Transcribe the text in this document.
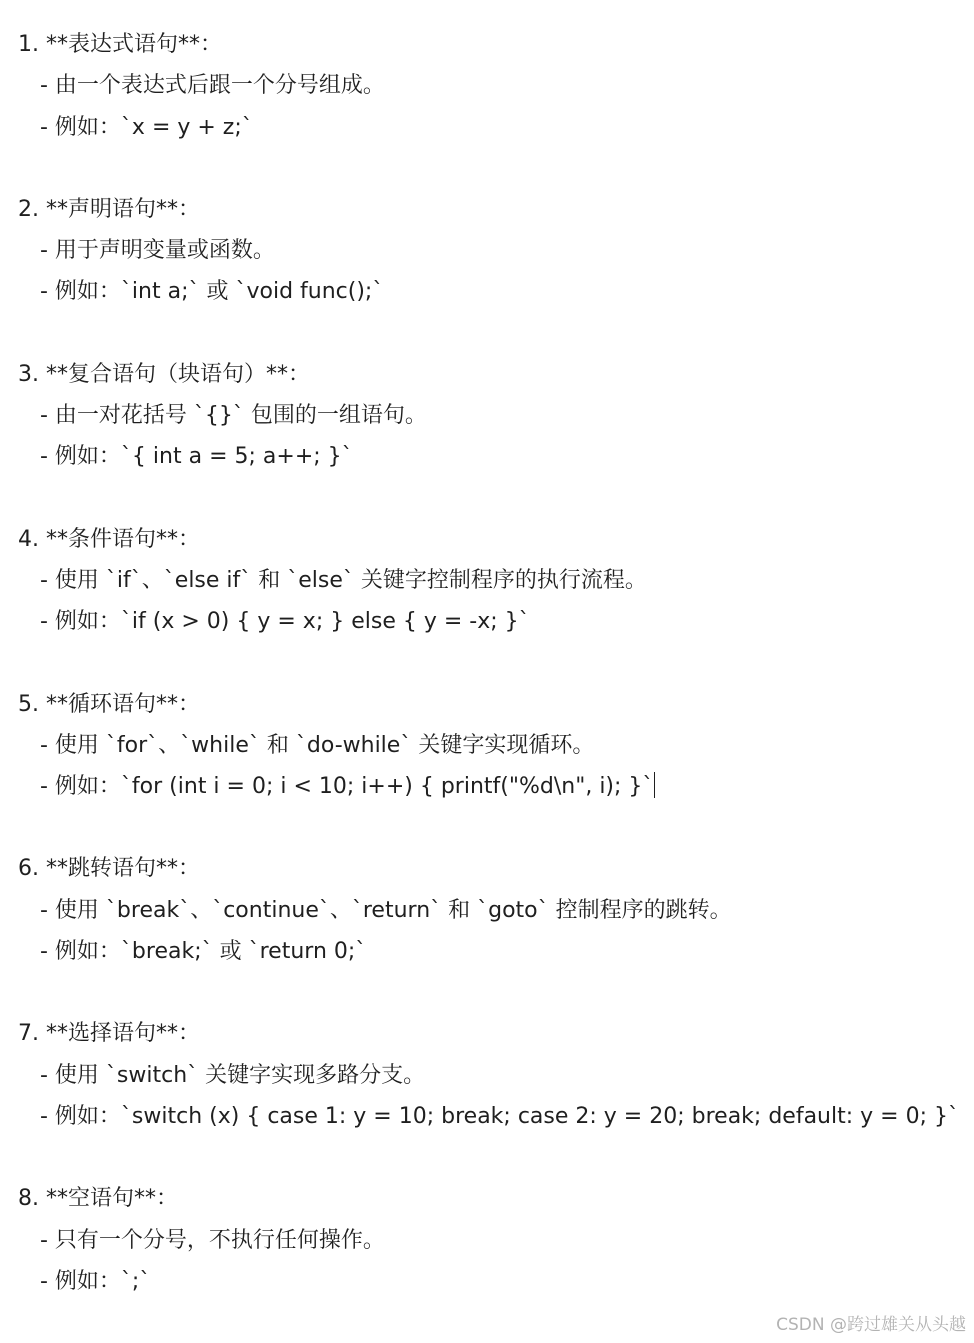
1. **表达式语句**：
- 由一个表达式后跟一个分号组成。
- 例如：`x = y + z;`
2. **声明语句**：
- 用于声明变量或函数。
- 例如：`int a;` 或 `void func();`
3. **复合语句（块语句）**：
- 由一对花括号 `{}` 包围的一组语句。
- 例如：`{ int a = 5; a++; }`
4. **条件语句**：
- 使用 `if`、`else if` 和 `else` 关键字控制程序的执行流程。
- 例如：`if (x > 0) { y = x; } else { y = -x; }`
5. **循环语句**：
- 使用 `for`、`while` 和 `do-while` 关键字实现循环。
- 例如：`for (int i = 0; i < 10; i++) { printf("%d\n", i); }`
6. **跳转语句**：
- 使用 `break`、`continue`、`return` 和 `goto` 控制程序的跳转。
- 例如：`break;` 或 `return 0;`
7. **选择语句**：
- 使用 `switch` 关键字实现多路分支。
- 例如：`switch (x) { case 1: y = 10; break; case 2: y = 20; break; default: y = 0; }`
8. **空语句**：
- 只有一个分号，不执行任何操作。
- 例如：`;`
CSDN @跨过雄关从头越
